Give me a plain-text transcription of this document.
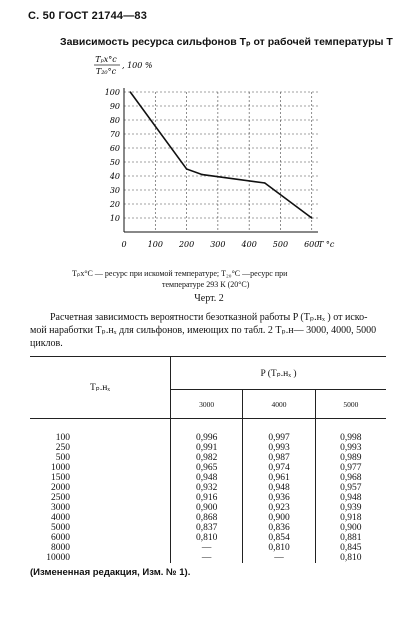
С. 50 ГОСТ 21744—83
Зависимость ресурса сильфонов Тₚ от рабочей температуры Т
10
20
30
40
50
60
70
80
90
100
0	100 200 300 400 500 600
Тₚх°c
Т₂₀°c
, 100 %
T °c
Tₚх°С — ресурс при искомой температуре; T₂₀°С —ресурс при
температуре 293 К (20°С)
Черт. 2
Расчетная зависимость вероятности безотказной работы P (Tₚ.нₓ ) от иско-
мой наработки Tₚ.нₓ для сильфонов, имеющих по табл. 2 Tₚ.н— 3000, 4000, 5000
циклов.
Tₚ.нₓ	P (Tₚ.нₓ )		
	3000	4000	5000
100	0,996	0,997	0,998
250	0,991	0,993	0,993
500	0,982	0,987	0,989
1000	0,965	0,974	0,977
1500	0,948	0,961	0,968
2000	0,932	0,948	0,957
2500	0,916	0,936	0,948
3000	0,900	0,923	0,939
4000	0,868	0,900	0,918
5000	0,837	0,836	0,900
6000	0,810	0,854	0,881
8000	—	0,810	0,845
10000	—	—	0,810
(Измененная редакция, Изм. № 1).
